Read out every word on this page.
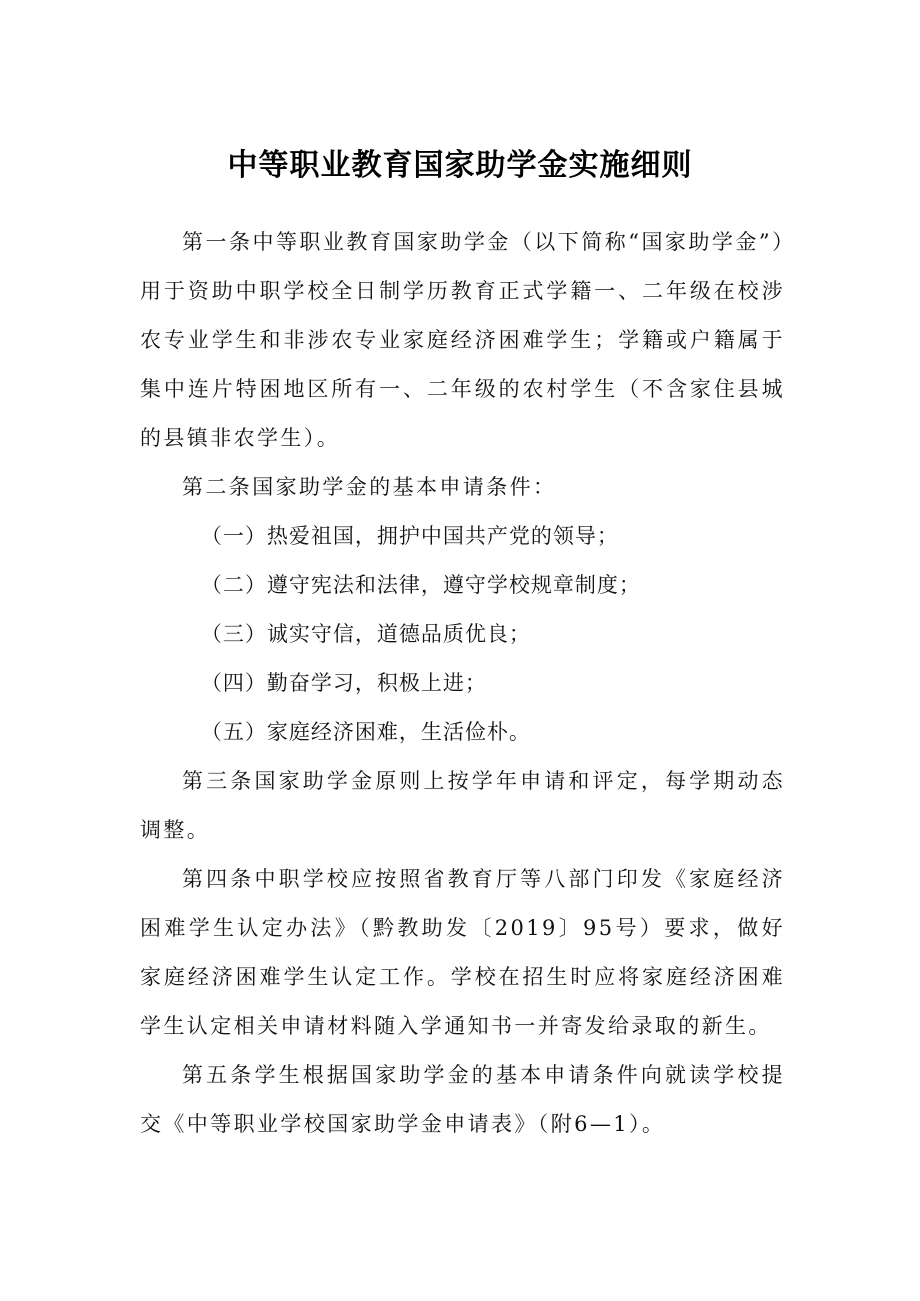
中等职业教育国家助学金实施细则

第一条中等职业教育国家助学金（以下简称“国家助学金”）用于资助中职学校全日制学历教育正式学籍一、二年级在校涉农专业学生和非涉农专业家庭经济困难学生；学籍或户籍属于集中连片特困地区所有一、二年级的农村学生（不含家住县城的县镇非农学生）。

第二条国家助学金的基本申请条件：

（一）热爱祖国，拥护中国共产党的领导；

（二）遵守宪法和法律，遵守学校规章制度；

（三）诚实守信，道德品质优良；

（四）勤奋学习，积极上进；

（五）家庭经济困难，生活俭朴。

第三条国家助学金原则上按学年申请和评定，每学期动态调整。

第四条中职学校应按照省教育厅等八部门印发《家庭经济困难学生认定办法》（黔教助发〔2019〕95号）要求，做好家庭经济困难学生认定工作。学校在招生时应将家庭经济困难学生认定相关申请材料随入学通知书一并寄发给录取的新生。

第五条学生根据国家助学金的基本申请条件向就读学校提交《中等职业学校国家助学金申请表》（附6—1）。
